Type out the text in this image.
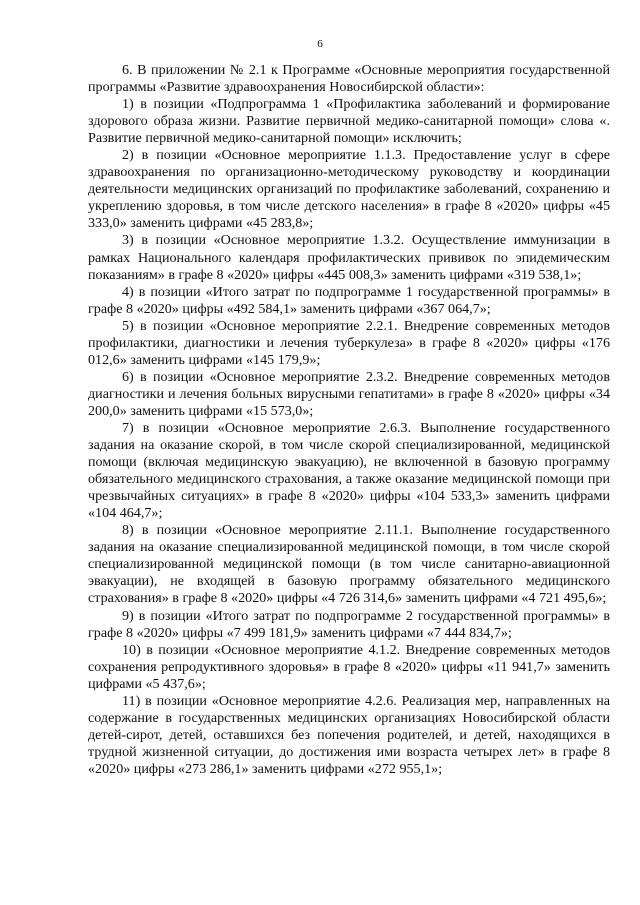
6

6. В приложении № 2.1 к Программе «Основные мероприятия государственной программы «Развитие здравоохранения Новосибирской области»:

1) в позиции «Подпрограмма 1 «Профилактика заболеваний и формирование здорового образа жизни. Развитие первичной медико-санитарной помощи» слова «. Развитие первичной медико-санитарной помощи» исключить;

2) в позиции «Основное мероприятие 1.1.3. Предоставление услуг в сфере здравоохранения по организационно-методическому руководству и координации деятельности медицинских организаций по профилактике заболеваний, сохранению и укреплению здоровья, в том числе детского населения» в графе 8 «2020» цифры «45 333,0» заменить цифрами «45 283,8»;

3) в позиции «Основное мероприятие 1.3.2. Осуществление иммунизации в рамках Национального календаря профилактических прививок по эпидемическим показаниям» в графе 8 «2020» цифры «445 008,3» заменить цифрами «319 538,1»;

4) в позиции «Итого затрат по подпрограмме 1 государственной программы» в графе 8 «2020» цифры «492 584,1» заменить цифрами «367 064,7»;

5) в позиции «Основное мероприятие 2.2.1. Внедрение современных методов профилактики, диагностики и лечения туберкулеза» в графе 8 «2020» цифры «176 012,6» заменить цифрами «145 179,9»;

6) в позиции «Основное мероприятие 2.3.2. Внедрение современных методов диагностики и лечения больных вирусными гепатитами» в графе 8 «2020» цифры «34 200,0» заменить цифрами «15 573,0»;

7) в позиции «Основное мероприятие 2.6.3. Выполнение государственного задания на оказание скорой, в том числе скорой специализированной, медицинской помощи (включая медицинскую эвакуацию), не включенной в базовую программу обязательного медицинского страхования, а также оказание медицинской помощи при чрезвычайных ситуациях» в графе 8 «2020» цифры «104 533,3» заменить цифрами «104 464,7»;

8) в позиции «Основное мероприятие 2.11.1. Выполнение государственного задания на оказание специализированной медицинской помощи, в том числе скорой специализированной медицинской помощи (в том числе санитарно-авиационной эвакуации), не входящей в базовую программу обязательного медицинского страхования» в графе 8 «2020» цифры «4 726 314,6» заменить цифрами «4 721 495,6»;

9) в позиции «Итого затрат по подпрограмме 2 государственной программы» в графе 8 «2020» цифры «7 499 181,9» заменить цифрами «7 444 834,7»;

10) в позиции «Основное мероприятие 4.1.2. Внедрение современных методов сохранения репродуктивного здоровья» в графе 8 «2020» цифры «11 941,7» заменить цифрами «5 437,6»;

11) в позиции «Основное мероприятие 4.2.6. Реализация мер, направленных на содержание в государственных медицинских организациях Новосибирской области детей-сирот, детей, оставшихся без попечения родителей, и детей, находящихся в трудной жизненной ситуации, до достижения ими возраста четырех лет» в графе 8 «2020» цифры «273 286,1» заменить цифрами «272 955,1»;
